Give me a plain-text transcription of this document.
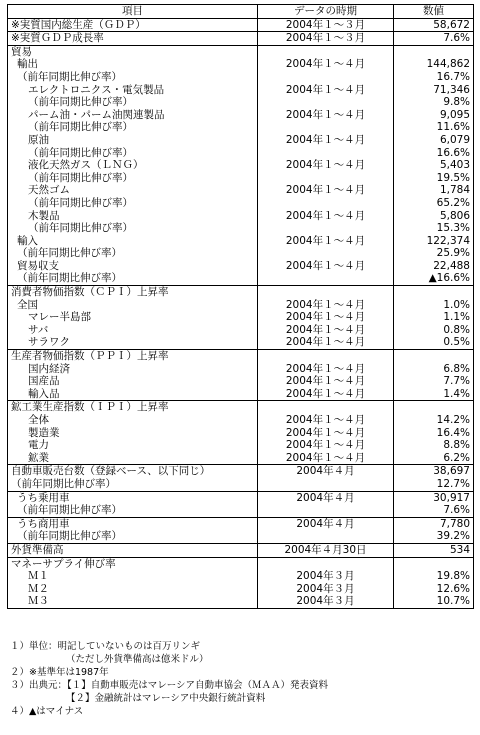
項目	データの時期	数値
※実質国内総生産（ＧＤＰ）	2004年１～３月	58,672
※実質ＧＤＰ成長率	2004年１～３月	7.6%
貿易		
輸出	2004年１～４月	144,862
（前年同期比伸び率）		16.7%
エレクトロニクス・電気製品	2004年１～４月	71,346
（前年同期比伸び率）		9.8%
パーム油・パーム油関連製品	2004年１～４月	9,095
（前年同期比伸び率）		11.6%
原油	2004年１～４月	6,079
（前年同期比伸び率）		16.6%
液化天然ガス（ＬＮＧ）	2004年１～４月	5,403
（前年同期比伸び率）		19.5%
天然ゴム	2004年１～４月	1,784
（前年同期比伸び率）		65.2%
木製品	2004年１～４月	5,806
（前年同期比伸び率）		15.3%
輸入	2004年１～４月	122,374
（前年同期比伸び率）		25.9%
貿易収支	2004年１～４月	22,488
（前年同期比伸び率）		▲16.6%
消費者物価指数（ＣＰＩ）上昇率		
全国	2004年１～４月	1.0%
マレー半島部	2004年１～４月	1.1%
サバ	2004年１～４月	0.8%
サラワク	2004年１～４月	0.5%
生産者物価指数（ＰＰＩ）上昇率		
国内経済	2004年１～４月	6.8%
国産品	2004年１～４月	7.7%
輸入品	2004年１～４月	1.4%
鉱工業生産指数（ＩＰＩ）上昇率		
全体	2004年１～４月	14.2%
製造業	2004年１～４月	16.4%
電力	2004年１～４月	8.8%
鉱業	2004年１～４月	6.2%
自動車販売台数（登録ベース、以下同じ）	2004年４月	38,697
（前年同期比伸び率）		12.7%
うち乗用車	2004年４月	30,917
（前年同期比伸び率）		7.6%
うち商用車	2004年４月	7,780
（前年同期比伸び率）		39.2%
外貨準備高	2004年４月30日	534
マネーサプライ伸び率		
Ｍ１	2004年３月	19.8%
Ｍ２	2004年３月	12.6%
Ｍ３	2004年３月	10.7%
１）単位：明記していないものは百万リンギ
（ただし外貨準備高は億米ドル）
２）※基準年は1987年
３）出典元：【１】自動車販売はマレーシア自動車協会（ＭＡＡ）発表資料
【２】金融統計はマレーシア中央銀行統計資料
４）▲はマイナス
